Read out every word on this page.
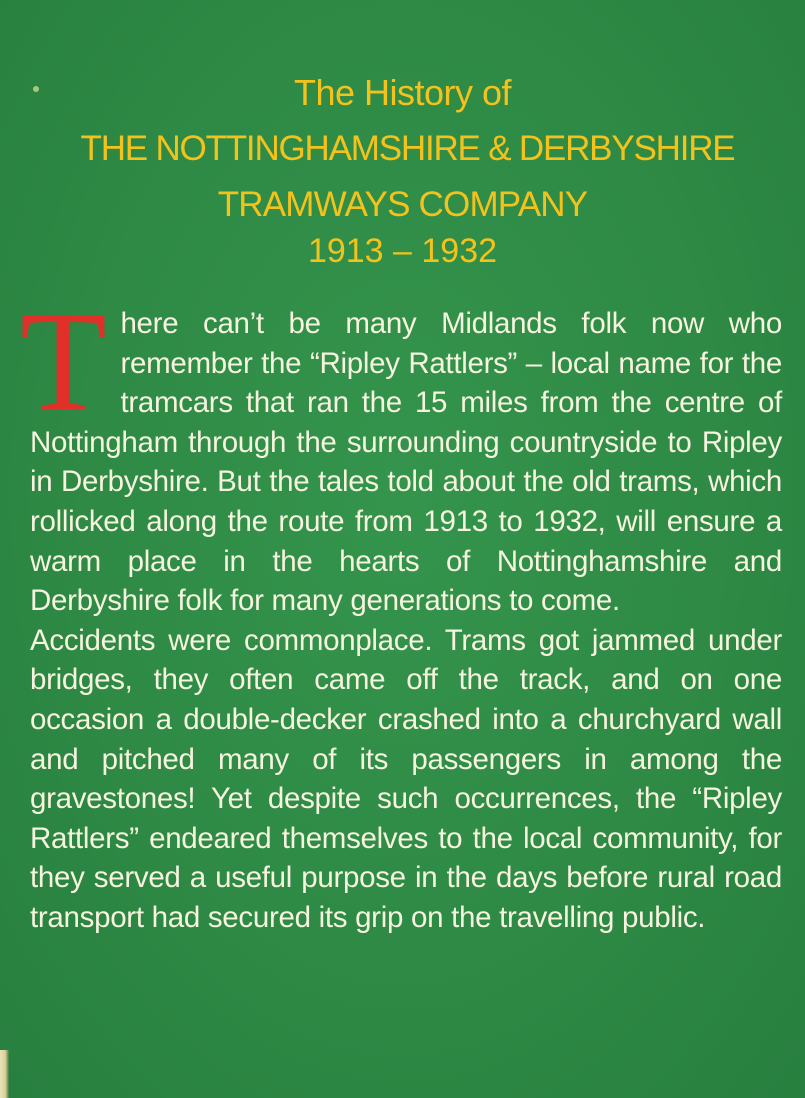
The History of
THE NOTTINGHAMSHIRE & DERBYSHIRE
TRAMWAYS COMPANY
1913 – 1932

There can’t be many Midlands folk now who remember the “Ripley Rattlers” – local name for the tramcars that ran the 15 miles from the centre of Nottingham through the surrounding countryside to Ripley in Derbyshire. But the tales told about the old trams, which rollicked along the route from 1913 to 1932, will ensure a warm place in the hearts of Nottinghamshire and Derbyshire folk for many generations to come.

Accidents were commonplace. Trams got jammed under bridges, they often came off the track, and on one occasion a double-decker crashed into a churchyard wall and pitched many of its passengers in among the gravestones! Yet despite such occurrences, the “Ripley Rattlers” endeared themselves to the local community, for they served a useful purpose in the days before rural road transport had secured its grip on the travelling public.
